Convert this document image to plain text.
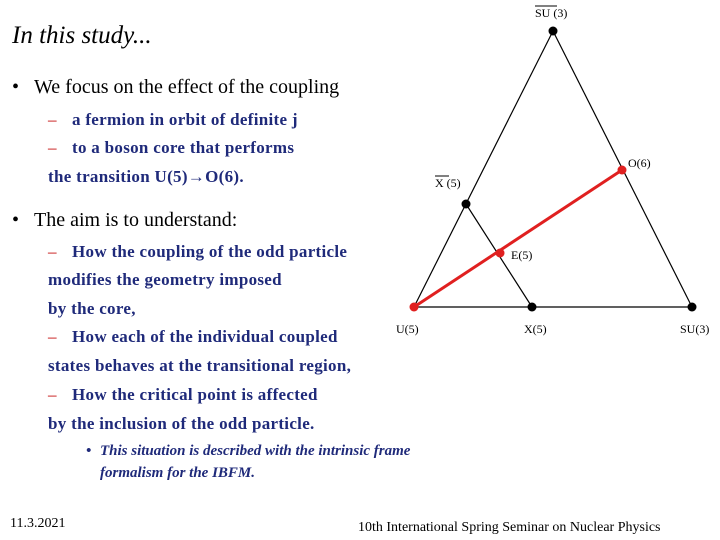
In this study...
• We focus on the effect of the coupling
– a fermion in orbit of definite j
– to a boson core that performs
the transition U(5)→O(6).
• The aim is to understand:
– How the coupling of the odd particle
modifies the geometry imposed
by the core,
– How each of the individual coupled
states behaves at the transitional region,
– How the critical point is affected
by the inclusion of the odd particle.
• This situation is described with the intrinsic frame
formalism for the IBFM.
11.3.2021	10th International Spring Seminar on Nuclear Physics
SU (3)
O(6)
X (5)
E(5)
U(5)	X(5)	SU(3)
